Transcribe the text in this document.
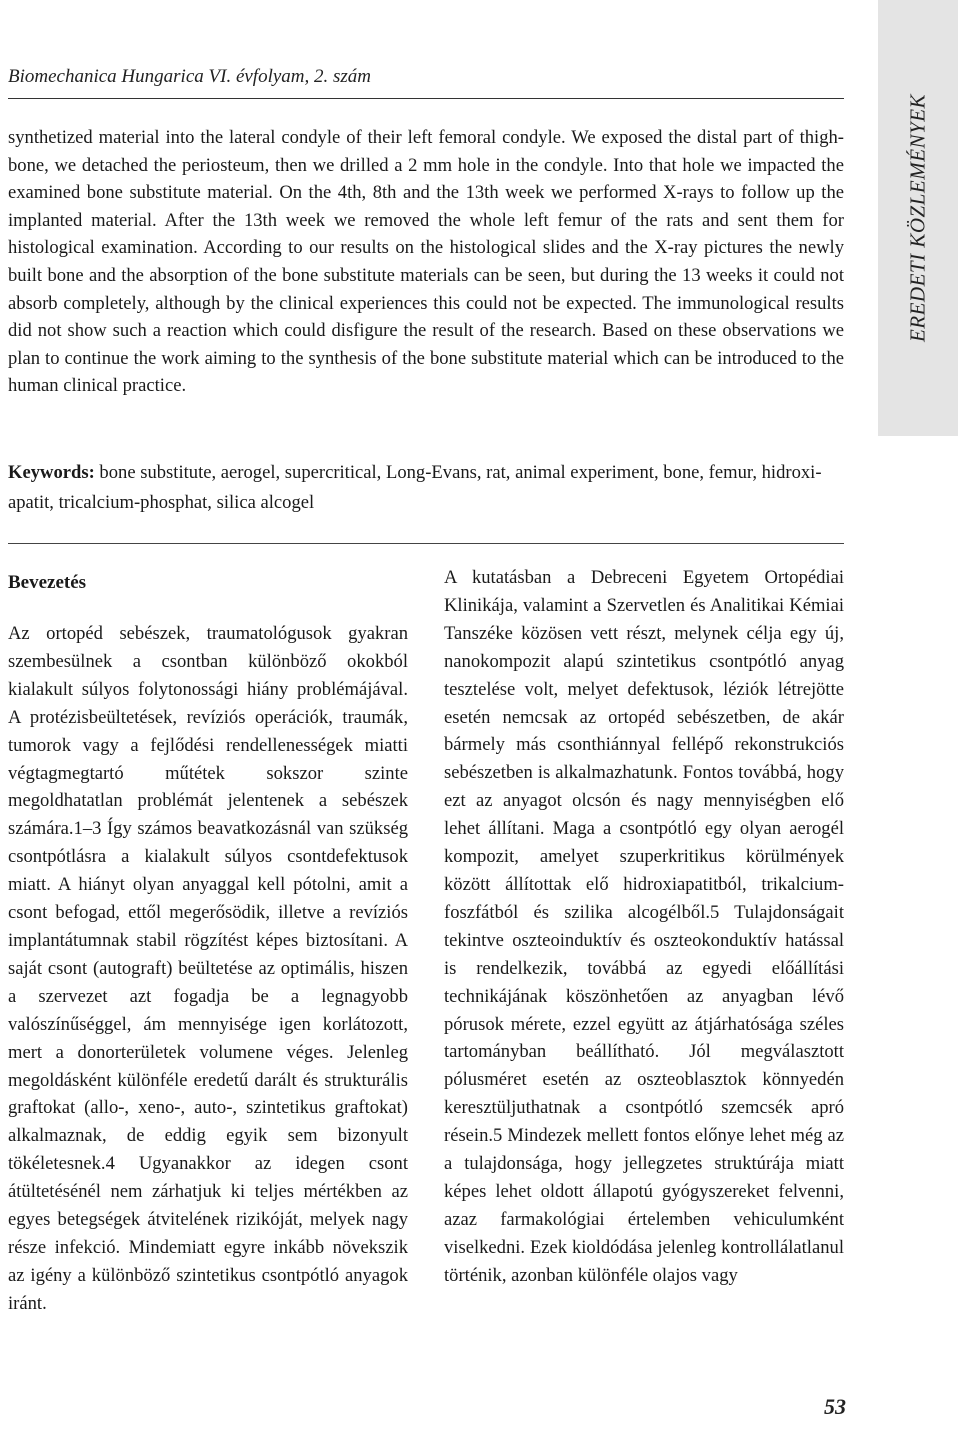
Biomechanica Hungarica VI. évfolyam, 2. szám
EREDETI KÖZLEMÉNYEK

synthetized material into the lateral condyle of their left femoral condyle. We exposed the distal part of thigh-bone, we detached the periosteum, then we drilled a 2 mm hole in the condyle. Into that hole we impacted the examined bone substitute material. On the 4th, 8th and the 13th week we performed X-rays to follow up the implanted material. After the 13th week we removed the whole left femur of the rats and sent them for histological examination. According to our results on the histological slides and the X-ray pictures the newly built bone and the absorption of the bone substitute materials can be seen, but during the 13 weeks it could not absorb completely, although by the clinical experiences this could not be expected. The immunological results did not show such a reaction which could disfigure the result of the research. Based on these observations we plan to continue the work aiming to the synthesis of the bone substitute material which can be introduced to the human clinical practice.

Keywords: bone substitute, aerogel, supercritical, Long-Evans, rat, animal experiment, bone, femur, hidroxi-apatit, tricalcium-phosphat, silica alcogel

Bevezetés

Az ortopéd sebészek, traumatológusok gyakran szembesülnek a csontban különböző okokból kialakult súlyos folytonossági hiány problémájával. A protézisbeültetések, revíziós operációk, traumák, tumorok vagy a fejlődési rendellenességek miatti végtagmegtartó műtétek sokszor szinte megoldhatatlan problémát jelentenek a sebészek számára.1–3 Így számos beavatkozásnál van szükség csontpótlásra a kialakult súlyos csontdefektusok miatt. A hiányt olyan anyaggal kell pótolni, amit a csont befogad, ettől megerősödik, illetve a revíziós implantátumnak stabil rögzítést képes biztosítani. A saját csont (autograft) beültetése az optimális, hiszen a szervezet azt fogadja be a legnagyobb valószínűséggel, ám mennyisége igen korlátozott, mert a donorterületek volumene véges. Jelenleg megoldásként különféle eredetű darált és strukturális graftokat (allo-, xeno-, auto-, szintetikus graftokat) alkalmaznak, de eddig egyik sem bizonyult tökéletesnek.4 Ugyanakkor az idegen csont átültetésénél nem zárhatjuk ki teljes mértékben az egyes betegségek átvitelének rizikóját, melyek nagy része infekció. Mindemiatt egyre inkább növekszik az igény a különböző szintetikus csontpótló anyagok iránt.

A kutatásban a Debreceni Egyetem Ortopédiai Klinikája, valamint a Szervetlen és Analitikai Kémiai Tanszéke közösen vett részt, melynek célja egy új, nanokompozit alapú szintetikus csontpótló anyag tesztelése volt, melyet defektusok, léziók létrejötte esetén nemcsak az ortopéd sebészetben, de akár bármely más csonthiánnyal fellépő rekonstrukciós sebészetben is alkalmazhatunk. Fontos továbbá, hogy ezt az anyagot olcsón és nagy mennyiségben elő lehet állítani. Maga a csontpótló egy olyan aerogél kompozit, amelyet szuperkritikus körülmények között állítottak elő hidroxiapatitból, trikalcium-foszfátból és szilika alcogélből.5 Tulajdonságait tekintve oszteoinduktív és oszteokonduktív hatással is rendelkezik, továbbá az egyedi előállítási technikájának köszönhetően az anyagban lévő pórusok mérete, ezzel együtt az átjárhatósága széles tartományban beállítható. Jól megválasztott pólusméret esetén az oszteoblasztok könnyedén keresztüljuthatnak a csontpótló szemcsék apró résein.5 Mindezek mellett fontos előnye lehet még az a tulajdonsága, hogy jellegzetes struktúrája miatt képes lehet oldott állapotú gyógyszereket felvenni, azaz farmakológiai értelemben vehiculumként viselkedni. Ezek kioldódása jelenleg kontrollálatlanul történik, azonban különféle olajos vagy

53
